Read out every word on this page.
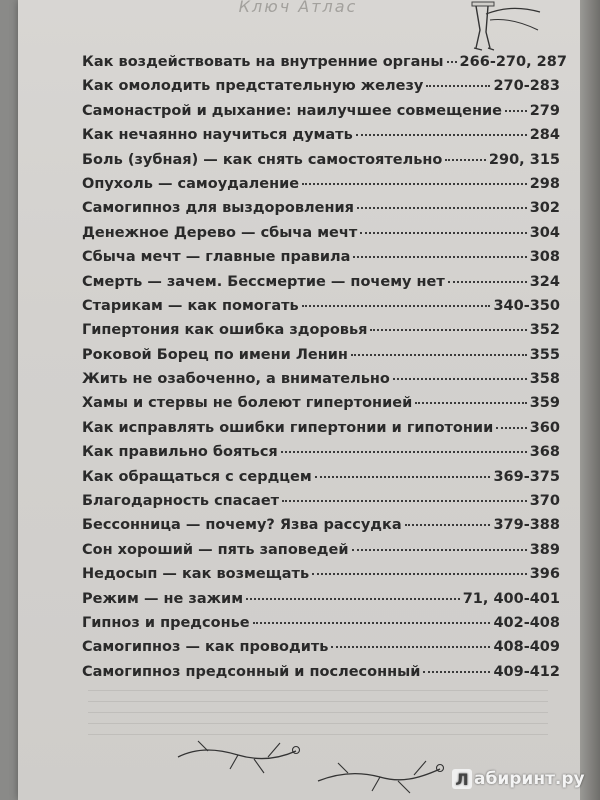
Ключ Атлас
Как воздействовать на внутренние органы 266-270, 287
Как омолодить предстательную железу	270-283
Самонастрой и дыхание: наилучшее совмещение 279
Как нечаянно научиться думать	284
Боль (зубная) — как снять самостоятельно	290, 315
Опухоль — самоудаление	298
Самогипноз для выздоровления	302
Денежное Дерево — сбыча мечт	304
Сбыча мечт — главные правила	308
Смерть — зачем. Бессмертие — почему нет	324
Старикам — как помогать	340-350
Гипертония как ошибка здоровья	352
Роковой Борец по имени Ленин	355
Жить не озабоченно, а внимательно	358
Хамы и стервы не болеют гипертонией	359
Как исправлять ошибки гипертонии и гипотонии	360
Как правильно бояться	368
Как обращаться с сердцем	369-375
Благодарность спасает	370
Бессонница — почему? Язва рассудка	379-388
Сон хороший — пять заповедей	389
Недосып — как возмещать	396
Режим — не зажим	71, 400-401
Гипноз и предсонье	402-408
Самогипноз — как проводить	408-409
Самогипноз предсонный и послесонный	409-412
Л абиринт.ру
